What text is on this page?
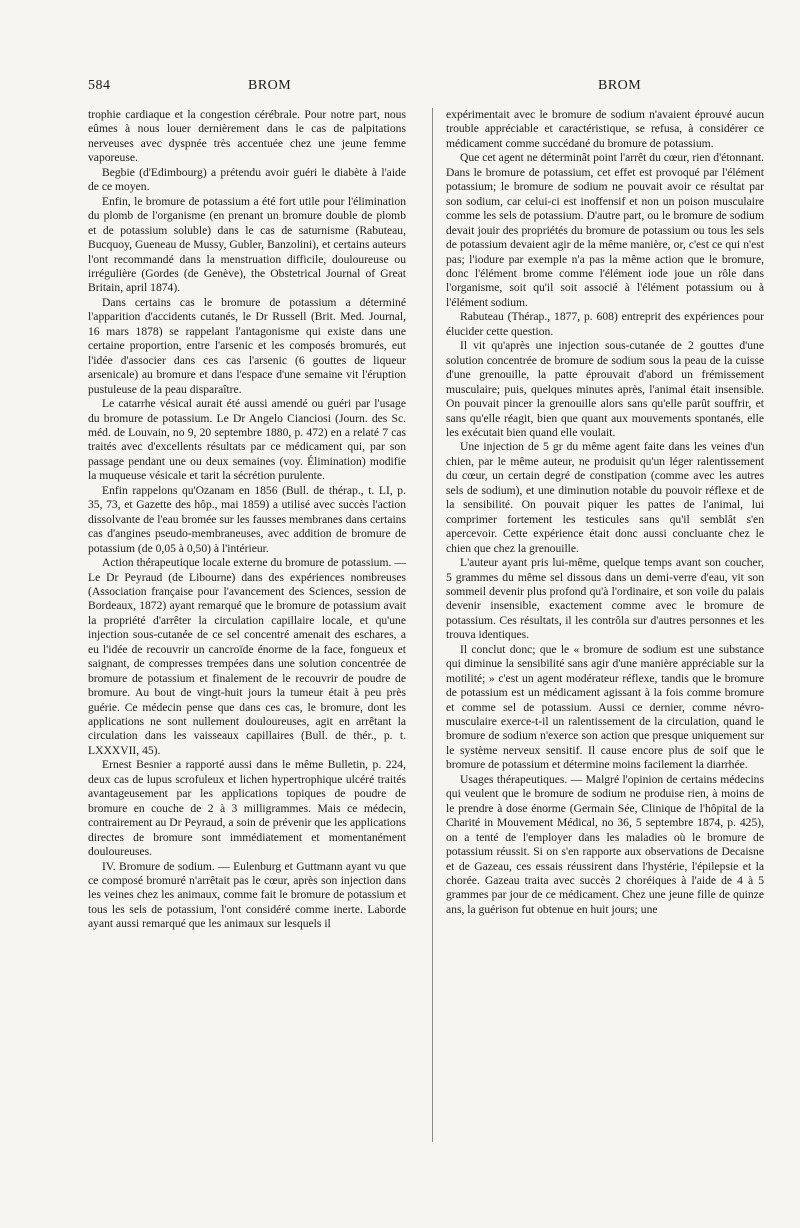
584	BROM	BROM

trophie cardiaque et la congestion cérébrale. Pour notre part, nous eûmes à nous louer dernièrement dans le cas de palpitations nerveuses avec dyspnée très accentuée chez une jeune femme vaporeuse.

Begbie (d'Edimbourg) a prétendu avoir guéri le diabète à l'aide de ce moyen.

Enfin, le bromure de potassium a été fort utile pour l'élimination du plomb de l'organisme (en prenant un bromure double de plomb et de potassium soluble) dans le cas de saturnisme (Rabuteau, Bucquoy, Gueneau de Mussy, Gubler, Banzolini), et certains auteurs l'ont recommandé dans la menstruation difficile, douloureuse ou irrégulière (Gordes (de Genève), the Obstetrical Journal of Great Britain, april 1874).

Dans certains cas le bromure de potassium a déterminé l'apparition d'accidents cutanés, le Dr Russell (Brit. Med. Journal, 16 mars 1878) se rappelant l'antagonisme qui existe dans une certaine proportion, entre l'arsenic et les composés bromurés, eut l'idée d'associer dans ces cas l'arsenic (6 gouttes de liqueur arsenicale) au bromure et dans l'espace d'une semaine vit l'éruption pustuleuse de la peau disparaître.

Le catarrhe vésical aurait été aussi amendé ou guéri par l'usage du bromure de potassium. Le Dr Angelo Cianciosi (Journ. des Sc. méd. de Louvain, no 9, 20 septembre 1880, p. 472) en a relaté 7 cas traités avec d'excellents résultats par ce médicament qui, par son passage pendant une ou deux semaines (voy. Élimination) modifie la muqueuse vésicale et tarit la sécrétion purulente.

Enfin rappelons qu'Ozanam en 1856 (Bull. de thérap., t. LI, p. 35, 73, et Gazette des hôp., mai 1859) a utilisé avec succès l'action dissolvante de l'eau bromée sur les fausses membranes dans certains cas d'angines pseudo-membraneuses, avec addition de bromure de potassium (de 0,05 à 0,50) à l'intérieur.

Action thérapeutique locale externe du bromure de potassium. — Le Dr Peyraud (de Libourne) dans des expériences nombreuses (Association française pour l'avancement des Sciences, session de Bordeaux, 1872) ayant remarqué que le bromure de potassium avait la propriété d'arrêter la circulation capillaire locale, et qu'une injection sous-cutanée de ce sel concentré amenait des eschares, a eu l'idée de recouvrir un cancroïde énorme de la face, fongueux et saignant, de compresses trempées dans une solution concentrée de bromure de potassium et finalement de le recouvrir de poudre de bromure. Au bout de vingt-huit jours la tumeur était à peu près guérie. Ce médecin pense que dans ces cas, le bromure, dont les applications ne sont nullement douloureuses, agit en arrêtant la circulation dans les vaisseaux capillaires (Bull. de thér., p. t. LXXXVII, 45).

Ernest Besnier a rapporté aussi dans le même Bulletin, p. 224, deux cas de lupus scrofuleux et lichen hypertrophique ulcéré traités avantageusement par les applications topiques de poudre de bromure en couche de 2 à 3 milligrammes. Mais ce médecin, contrairement au Dr Peyraud, a soin de prévenir que les applications directes de bromure sont immédiatement et momentanément douloureuses.

IV. Bromure de sodium. — Eulenburg et Guttmann ayant vu que ce composé bromuré n'arrêtait pas le cœur, après son injection dans les veines chez les animaux, comme fait le bromure de potassium et tous les sels de potassium, l'ont considéré comme inerte. Laborde ayant aussi remarqué que les animaux sur lesquels il

expérimentait avec le bromure de sodium n'avaient éprouvé aucun trouble appréciable et caractéristique, se refusa, à considérer ce médicament comme succédané du bromure de potassium.

Que cet agent ne déterminât point l'arrêt du cœur, rien d'étonnant. Dans le bromure de potassium, cet effet est provoqué par l'élément potassium; le bromure de sodium ne pouvait avoir ce résultat par son sodium, car celui-ci est inoffensif et non un poison musculaire comme les sels de potassium. D'autre part, ou le bromure de sodium devait jouir des propriétés du bromure de potassium ou tous les sels de potassium devaient agir de la même manière, or, c'est ce qui n'est pas; l'iodure par exemple n'a pas la même action que le bromure, donc l'élément brome comme l'élément iode joue un rôle dans l'organisme, soit qu'il soit associé à l'élément potassium ou à l'élément sodium.

Rabuteau (Thérap., 1877, p. 608) entreprit des expériences pour élucider cette question.

Il vit qu'après une injection sous-cutanée de 2 gouttes d'une solution concentrée de bromure de sodium sous la peau de la cuisse d'une grenouille, la patte éprouvait d'abord un frémissement musculaire; puis, quelques minutes après, l'animal était insensible. On pouvait pincer la grenouille alors sans qu'elle parût souffrir, et sans qu'elle réagit, bien que quant aux mouvements spontanés, elle les exécutait bien quand elle voulait.

Une injection de 5 gr du même agent faite dans les veines d'un chien, par le même auteur, ne produisit qu'un léger ralentissement du cœur, un certain degré de constipation (comme avec les autres sels de sodium), et une diminution notable du pouvoir réflexe et de la sensibilité. On pouvait piquer les pattes de l'animal, lui comprimer fortement les testicules sans qu'il semblât s'en apercevoir. Cette expérience était donc aussi concluante chez le chien que chez la grenouille.

L'auteur ayant pris lui-même, quelque temps avant son coucher, 5 grammes du même sel dissous dans un demi-verre d'eau, vit son sommeil devenir plus profond qu'à l'ordinaire, et son voile du palais devenir insensible, exactement comme avec le bromure de potassium. Ces résultats, il les contrôla sur d'autres personnes et les trouva identiques.

Il conclut donc; que le « bromure de sodium est une substance qui diminue la sensibilité sans agir d'une manière appréciable sur la motilité; » c'est un agent modérateur réflexe, tandis que le bromure de potassium est un médicament agissant à la fois comme bromure et comme sel de potassium. Aussi ce dernier, comme névro-musculaire exerce-t-il un ralentissement de la circulation, quand le bromure de sodium n'exerce son action que presque uniquement sur le système nerveux sensitif. Il cause encore plus de soif que le bromure de potassium et détermine moins facilement la diarrhée.

Usages thérapeutiques. — Malgré l'opinion de certains médecins qui veulent que le bromure de sodium ne produise rien, à moins de le prendre à dose énorme (Germain Sée, Clinique de l'hôpital de la Charité in Mouvement Médical, no 36, 5 septembre 1874, p. 425), on a tenté de l'employer dans les maladies où le bromure de potassium réussit. Si on s'en rapporte aux observations de Decaisne et de Gazeau, ces essais réussirent dans l'hystérie, l'épilepsie et la chorée. Gazeau traita avec succès 2 choréiques à l'aide de 4 à 5 grammes par jour de ce médicament. Chez une jeune fille de quinze ans, la guérison fut obtenue en huit jours; une
